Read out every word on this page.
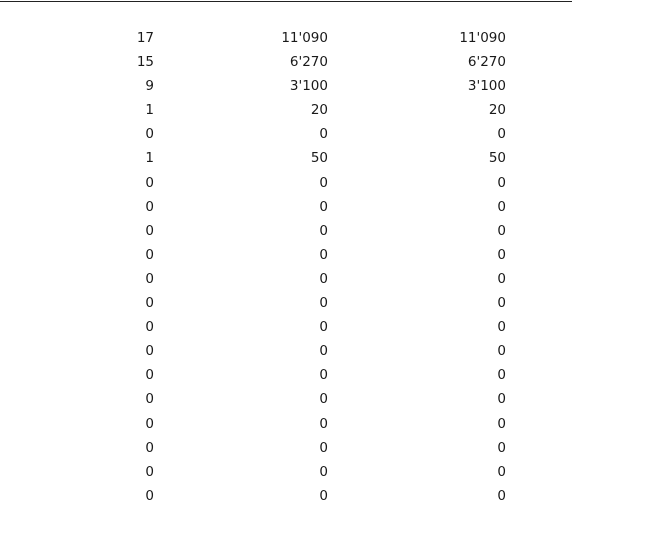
17	11'090	11'090
15	6'270	6'270
9	3'100	3'100
1	20	20
0	0	0
1	50	50
0	0	0
0	0	0
0	0	0
0	0	0
0	0	0
0	0	0
0	0	0
0	0	0
0	0	0
0	0	0
0	0	0
0	0	0
0	0	0
0	0	0
